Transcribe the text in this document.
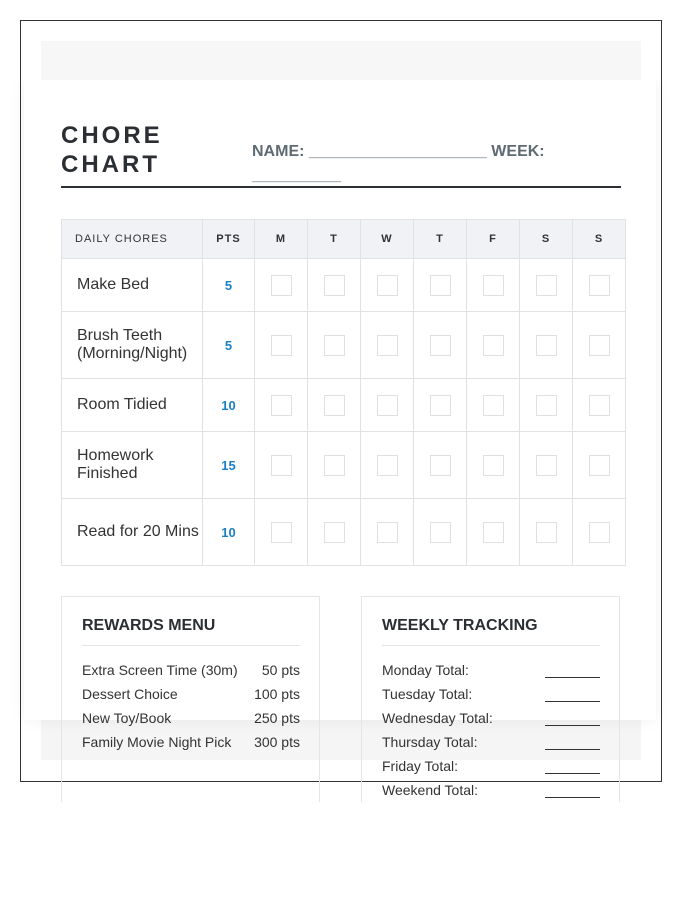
CHORE
CHART	NAME: ____________________ WEEK: __________
DAILY CHORES	PTS	M	T	W	T	F	S	S
Make Bed	5							
Brush Teeth (Morning/Night)	5							
Room Tidied	10							
Homework Finished	15							
Read for 20 Mins	10							
REWARDS MENU
Extra Screen Time (30m) 50 pts
Dessert Choice	100 pts
New Toy/Book	250 pts
Family Movie Night Pick 300 pts
WEEKLY TRACKING
Monday Total:
Tuesday Total:
Wednesday Total:
Thursday Total:
Friday Total:
Weekend Total:
